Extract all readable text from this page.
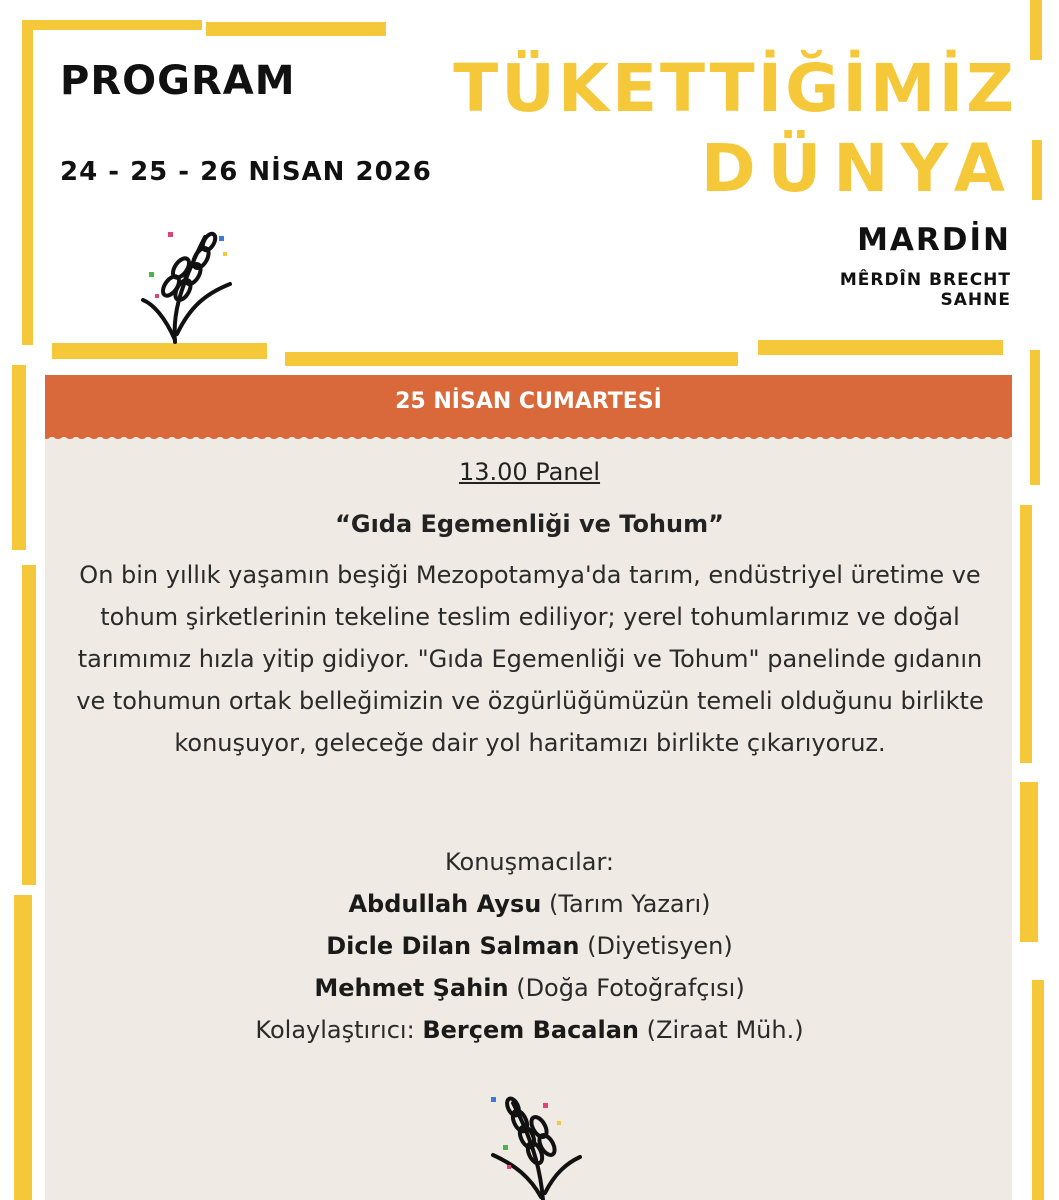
PROGRAM
24 - 25 - 26 NİSAN 2026
TÜKETTİĞİMİZ
DÜNYA
MARDİN
MÊRDÎN BRECHT
SAHNE
25 NİSAN CUMARTESİ
13.00 Panel
“Gıda Egemenliği ve Tohum”
On bin yıllık yaşamın beşiği Mezopotamya'da tarım, endüstriyel üretime ve tohum şirketlerinin tekeline teslim ediliyor; yerel tohumlarımız ve doğal tarımımız hızla yitip gidiyor. "Gıda Egemenliği ve Tohum" panelinde gıdanın ve tohumun ortak belleğimizin ve özgürlüğümüzün temeli olduğunu birlikte konuşuyor, geleceğe dair yol haritamızı birlikte çıkarıyoruz.
Konuşmacılar:
Abdullah Aysu (Tarım Yazarı)
Dicle Dilan Salman (Diyetisyen)
Mehmet Şahin (Doğa Fotoğrafçısı)
Kolaylaştırıcı: Berçem Bacalan (Ziraat Müh.)
